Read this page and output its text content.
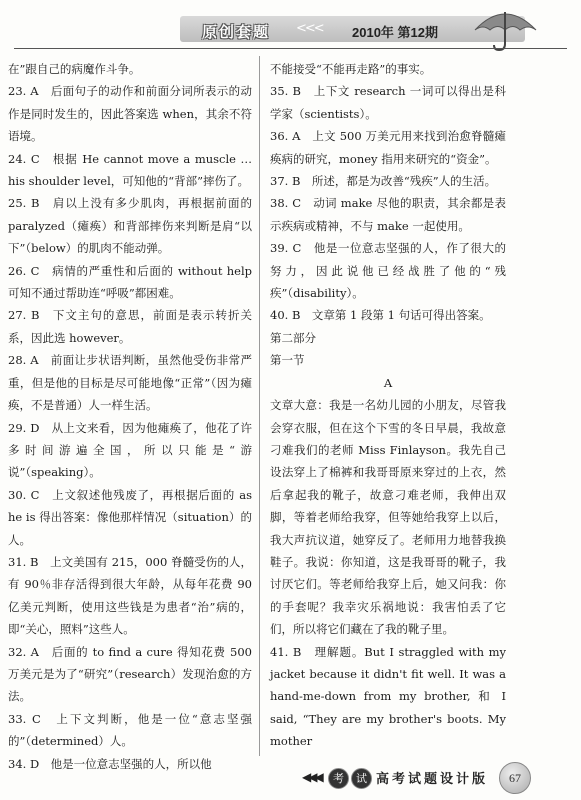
原创套题 <<< 2010年 第12期

在”跟自己的病魔作斗争。

23. A　后面句子的动作和前面分词所表示的动作是同时发生的，因此答案选 when，其余不符语境。

24. C　根据 He cannot move a muscle … his shoulder level，可知他的“背部”摔伤了。

25. B　肩以上没有多少肌肉，再根据前面的 paralyzed（瘫痪）和背部摔伤来判断是肩“以下”（below）的肌肉不能动弹。

26. C　病情的严重性和后面的 without help 可知不通过帮助连“呼吸”都困难。

27. B　下文主句的意思，前面是表示转折关系，因此选 however。

28. A　前面让步状语判断，虽然他受伤非常严重，但是他的目标是尽可能地像“正常”（因为瘫痪，不是普通）人一样生活。

29. D　从上文来看，因为他瘫痪了，他花了许多时间游遍全国，所以只能是“游说”（speaking）。

30. C　上文叙述他残废了，再根据后面的 as he is 得出答案：像他那样情况（situation）的人。

31. B　上文美国有 215，000 脊髓受伤的人，有 90％非存活得到很大年龄，从每年花费 90 亿美元判断，使用这些钱是为患者“治”病的，即“关心，照料”这些人。

32. A　后面的 to find a cure 得知花费 500 万美元是为了“研究”（research）发现治愈的方法。

33. C　上下文判断，他是一位“意志坚强的”（determined）人。

34. D　他是一位意志坚强的人，所以他

不能接受“不能再走路”的事实。

35. B　上下文 research 一词可以得出是科学家（scientists）。

36. A　上文 500 万美元用来找到治愈脊髓瘫痪病的研究，money 指用来研究的“资金”。

37. B　所述，都是为改善“残疾”人的生活。

38. C　动词 make 尽他的职责，其余都是表示疾病或精神，不与 make 一起使用。

39. C　他是一位意志坚强的人，作了很大的努力，因此说他已经战胜了他的“残疾”（disability）。

40. B　文章第 1 段第 1 句话可得出答案。

第二部分

第一节

A

文章大意：我是一名幼儿园的小朋友，尽管我会穿衣服，但在这个下雪的冬日早晨，我故意刁难我们的老师 Miss Finlayson。我先自己设法穿上了棉裤和我哥哥原来穿过的上衣，然后拿起我的靴子，故意刁难老师，我伸出双脚，等着老师给我穿，但等她给我穿上以后，我大声抗议道，她穿反了。老师用力地替我换鞋子。我说：你知道，这是我哥哥的靴子，我讨厌它们。等老师给我穿上后，她又问我：你的手套呢？我幸灾乐祸地说：我害怕丢了它们，所以将它们藏在了我的靴子里。

41. B　理解题。But I straggled with my jacket because it didn't fit well. It was a hand-me-down from my brother, 和 I said, “They are my brother's boots. My mother

◀◀◀	考 试 高考试题设计版	67
